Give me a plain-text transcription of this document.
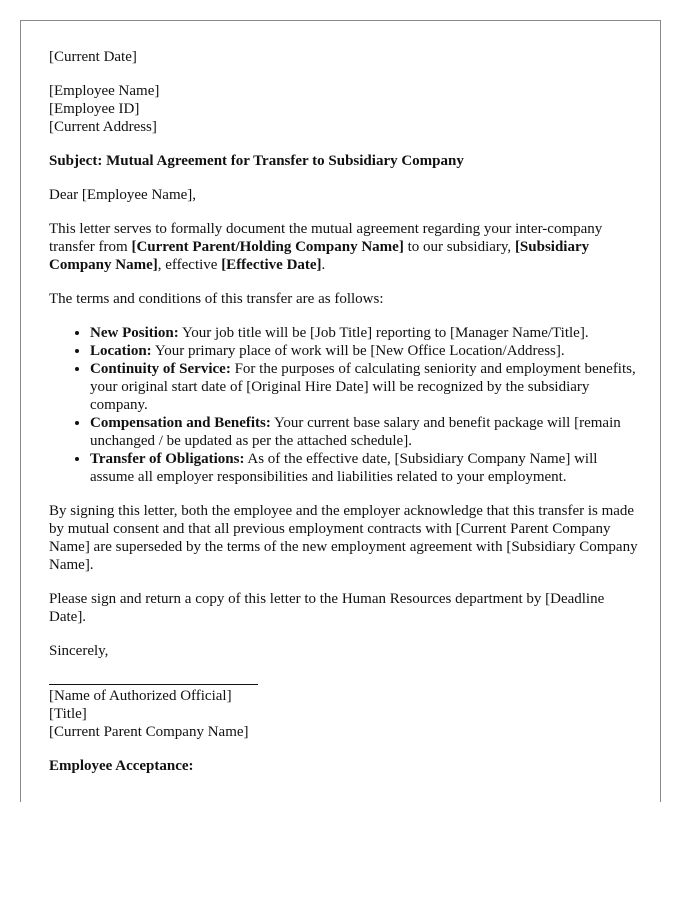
[Current Date]

[Employee Name]
[Employee ID]
[Current Address]

Subject: Mutual Agreement for Transfer to Subsidiary Company

Dear [Employee Name],

This letter serves to formally document the mutual agreement regarding your inter-company transfer from [Current Parent/Holding Company Name] to our subsidiary, [Subsidiary Company Name], effective [Effective Date].

The terms and conditions of this transfer are as follows:

• New Position: Your job title will be [Job Title] reporting to [Manager Name/Title].
• Location: Your primary place of work will be [New Office Location/Address].
• Continuity of Service: For the purposes of calculating seniority and employment benefits, your original start date of [Original Hire Date] will be recognized by the subsidiary company.
• Compensation and Benefits: Your current base salary and benefit package will [remain unchanged / be updated as per the attached schedule].
• Transfer of Obligations: As of the effective date, [Subsidiary Company Name] will assume all employer responsibilities and liabilities related to your employment.

By signing this letter, both the employee and the employer acknowledge that this transfer is made by mutual consent and that all previous employment contracts with [Current Parent Company Name] are superseded by the terms of the new employment agreement with [Subsidiary Company Name].

Please sign and return a copy of this letter to the Human Resources department by [Deadline Date].

Sincerely,

[Name of Authorized Official]
[Title]
[Current Parent Company Name]

Employee Acceptance:
